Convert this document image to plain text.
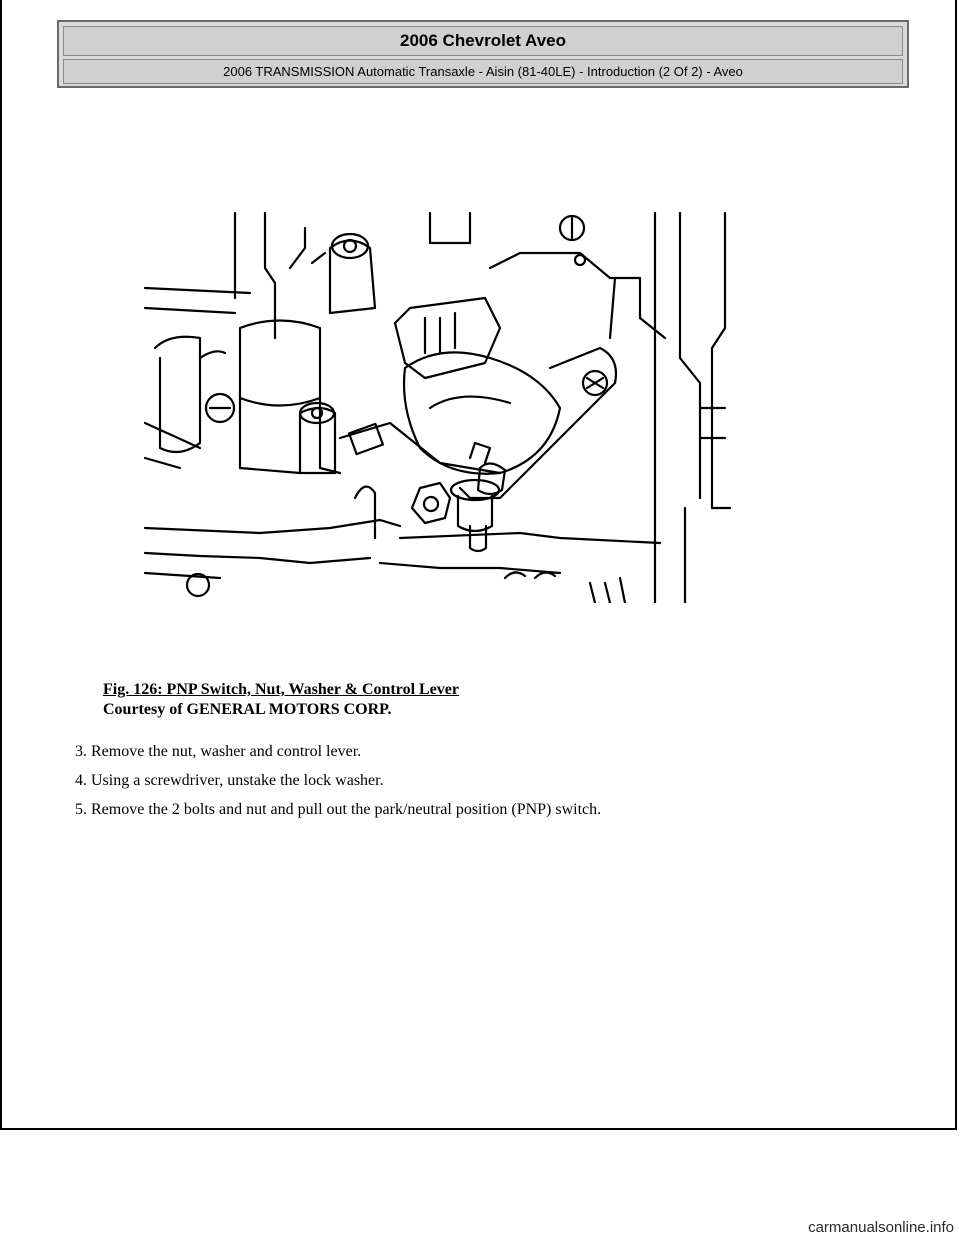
2006 Chevrolet Aveo
2006 TRANSMISSION Automatic Transaxle - Aisin (81-40LE) - Introduction (2 Of 2) - Aveo
Fig. 126: PNP Switch, Nut, Washer & Control Lever
Courtesy of GENERAL MOTORS CORP.
3. Remove the nut, washer and control lever.
4. Using a screwdriver, unstake the lock washer.
5. Remove the 2 bolts and nut and pull out the park/neutral position (PNP) switch.
carmanualsonline.info
